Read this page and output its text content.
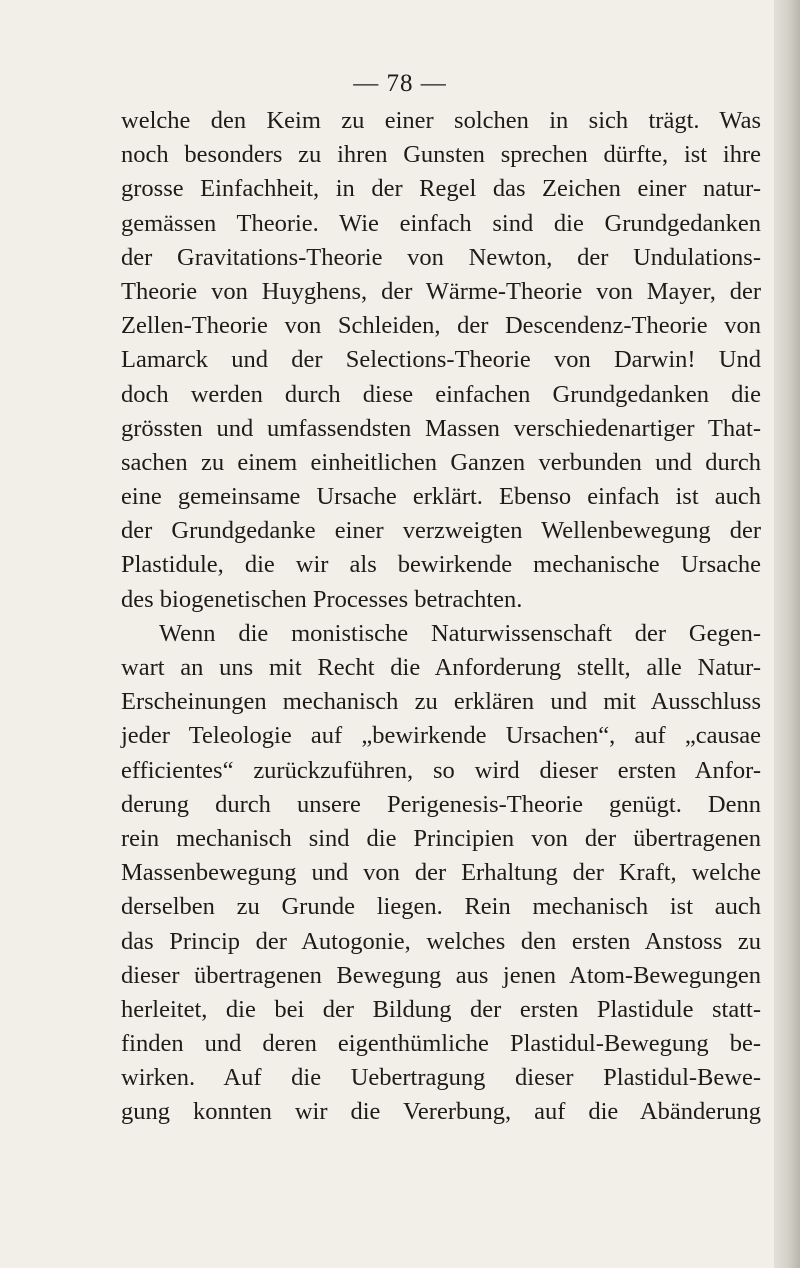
— 78 —
welche den Keim zu einer solchen in sich trägt. Was
noch besonders zu ihren Gunsten sprechen dürfte, ist ihre
grosse Einfachheit, in der Regel das Zeichen einer natur-
gemässen Theorie. Wie einfach sind die Grundgedanken
der Gravitations-Theorie von Newton, der Undulations-
Theorie von Huyghens, der Wärme-Theorie von Mayer, der
Zellen-Theorie von Schleiden, der Descendenz-Theorie von
Lamarck und der Selections-Theorie von Darwin! Und
doch werden durch diese einfachen Grundgedanken die
grössten und umfassendsten Massen verschiedenartiger That-
sachen zu einem einheitlichen Ganzen verbunden und durch
eine gemeinsame Ursache erklärt. Ebenso einfach ist auch
der Grundgedanke einer verzweigten Wellenbewegung der
Plastidule, die wir als bewirkende mechanische Ursache
des biogenetischen Processes betrachten.
Wenn die monistische Naturwissenschaft der Gegen-
wart an uns mit Recht die Anforderung stellt, alle Natur-
Erscheinungen mechanisch zu erklären und mit Ausschluss
jeder Teleologie auf „bewirkende Ursachen“, auf „causae
efficientes“ zurückzuführen, so wird dieser ersten Anfor-
derung durch unsere Perigenesis-Theorie genügt. Denn
rein mechanisch sind die Principien von der übertragenen
Massenbewegung und von der Erhaltung der Kraft, welche
derselben zu Grunde liegen. Rein mechanisch ist auch
das Princip der Autogonie, welches den ersten Anstoss zu
dieser übertragenen Bewegung aus jenen Atom-Bewegungen
herleitet, die bei der Bildung der ersten Plastidule statt-
finden und deren eigenthümliche Plastidul-Bewegung be-
wirken. Auf die Uebertragung dieser Plastidul-Bewe-
gung konnten wir die Vererbung, auf die Abänderung
